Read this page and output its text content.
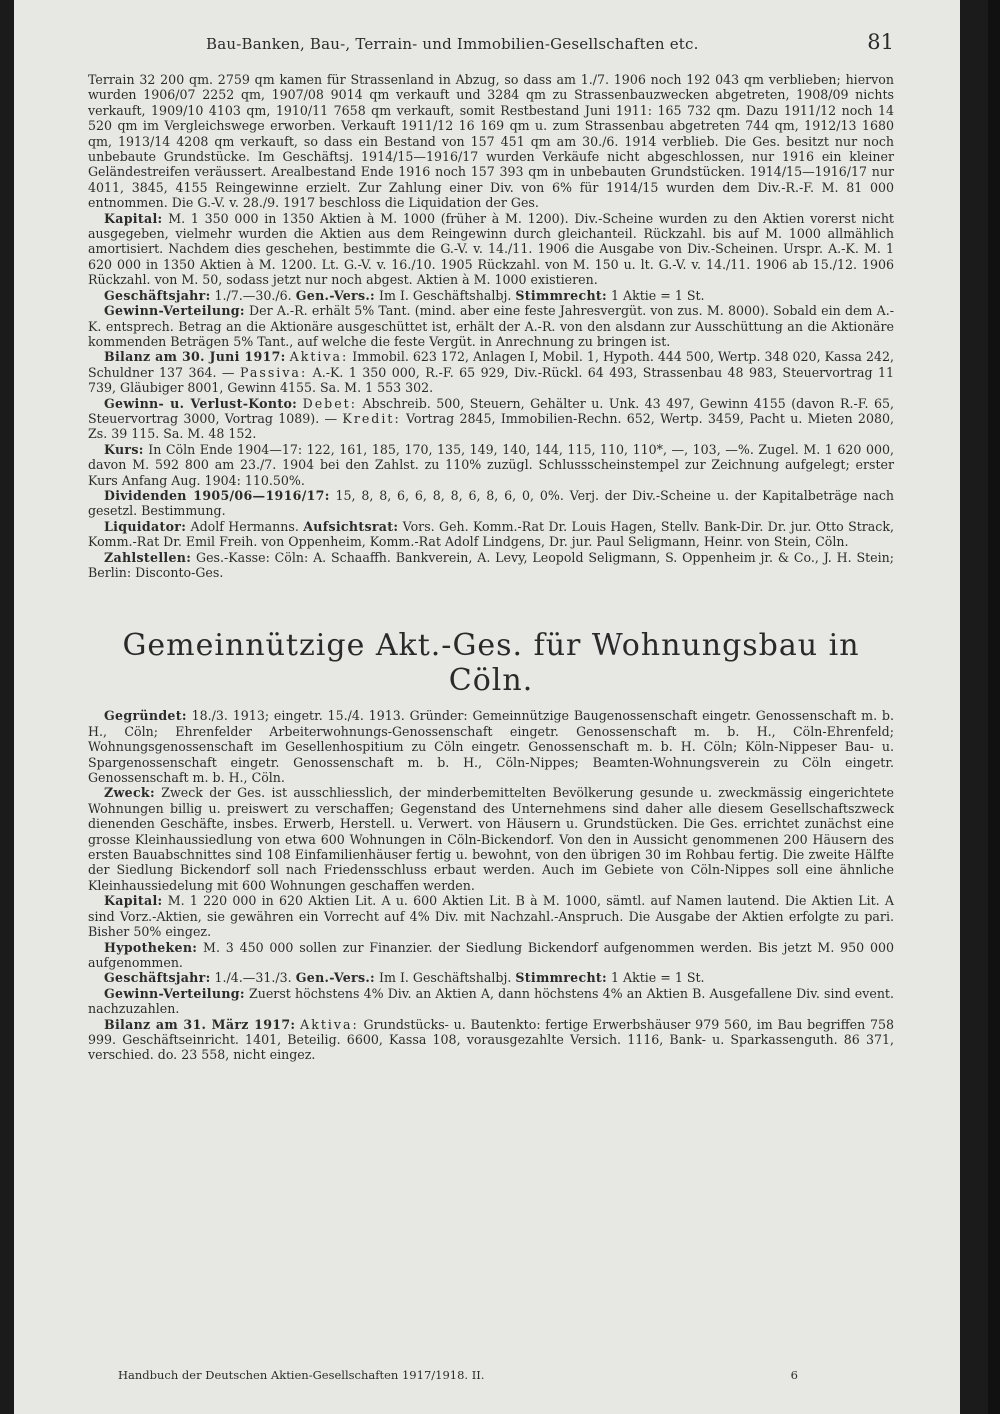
Bau-Banken, Bau-, Terrain- und Immobilien-Gesellschaften etc.	81

Terrain 32 200 qm. 2759 qm kamen für Strassenland in Abzug, so dass am 1./7. 1906 noch 192 043 qm verblieben; hiervon wurden 1906/07 2252 qm, 1907/08 9014 qm verkauft und 3284 qm zu Strassenbauzwecken abgetreten, 1908/09 nichts verkauft, 1909/10 4103 qm, 1910/11 7658 qm verkauft, somit Restbestand Juni 1911: 165 732 qm. Dazu 1911/12 noch 14 520 qm im Vergleichswege erworben. Verkauft 1911/12 16 169 qm u. zum Strassenbau abgetreten 744 qm, 1912/13 1680 qm, 1913/14 4208 qm verkauft, so dass ein Bestand von 157 451 qm am 30./6. 1914 verblieb. Die Ges. besitzt nur noch unbebaute Grundstücke. Im Geschäftsj. 1914/15—1916/17 wurden Verkäufe nicht abgeschlossen, nur 1916 ein kleiner Geländestreifen veräussert. Arealbestand Ende 1916 noch 157 393 qm in unbebauten Grundstücken. 1914/15—1916/17 nur 4011, 3845, 4155 Reingewinne erzielt. Zur Zahlung einer Div. von 6% für 1914/15 wurden dem Div.-R.-F. M. 81 000 entnommen. Die G.-V. v. 28./9. 1917 beschloss die Liquidation der Ges.

Kapital: M. 1 350 000 in 1350 Aktien à M. 1000 (früher à M. 1200). Div.-Scheine wurden zu den Aktien vorerst nicht ausgegeben, vielmehr wurden die Aktien aus dem Reingewinn durch gleichanteil. Rückzahl. bis auf M. 1000 allmählich amortisiert. Nachdem dies geschehen, bestimmte die G.-V. v. 14./11. 1906 die Ausgabe von Div.-Scheinen. Urspr. A.-K. M. 1 620 000 in 1350 Aktien à M. 1200. Lt. G.-V. v. 16./10. 1905 Rückzahl. von M. 150 u. lt. G.-V. v. 14./11. 1906 ab 15./12. 1906 Rückzahl. von M. 50, sodass jetzt nur noch abgest. Aktien à M. 1000 existieren.

Geschäftsjahr: 1./7.—30./6. Gen.-Vers.: Im I. Geschäftshalbj. Stimmrecht: 1 Aktie = 1 St.

Gewinn-Verteilung: Der A.-R. erhält 5% Tant. (mind. aber eine feste Jahresvergüt. von zus. M. 8000). Sobald ein dem A.-K. entsprech. Betrag an die Aktionäre ausgeschüttet ist, erhält der A.-R. von den alsdann zur Ausschüttung an die Aktionäre kommenden Beträgen 5% Tant., auf welche die feste Vergüt. in Anrechnung zu bringen ist.

Bilanz am 30. Juni 1917: Aktiva: Immobil. 623 172, Anlagen I, Mobil. 1, Hypoth. 444 500, Wertp. 348 020, Kassa 242, Schuldner 137 364. — Passiva: A.-K. 1 350 000, R.-F. 65 929, Div.-Rückl. 64 493, Strassenbau 48 983, Steuervortrag 11 739, Gläubiger 8001, Gewinn 4155. Sa. M. 1 553 302.

Gewinn- u. Verlust-Konto: Debet: Abschreib. 500, Steuern, Gehälter u. Unk. 43 497, Gewinn 4155 (davon R.-F. 65, Steuervortrag 3000, Vortrag 1089). — Kredit: Vortrag 2845, Immobilien-Rechn. 652, Wertp. 3459, Pacht u. Mieten 2080, Zs. 39 115. Sa. M. 48 152.

Kurs: In Cöln Ende 1904—17: 122, 161, 185, 170, 135, 149, 140, 144, 115, 110, 110*, —, 103, —%. Zugel. M. 1 620 000, davon M. 592 800 am 23./7. 1904 bei den Zahlst. zu 110% zuzügl. Schlussscheinstempel zur Zeichnung aufgelegt; erster Kurs Anfang Aug. 1904: 110.50%.

Dividenden 1905/06—1916/17: 15, 8, 8, 6, 6, 8, 8, 6, 8, 6, 0, 0%. Verj. der Div.-Scheine u. der Kapitalbeträge nach gesetzl. Bestimmung.

Liquidator: Adolf Hermanns. Aufsichtsrat: Vors. Geh. Komm.-Rat Dr. Louis Hagen, Stellv. Bank-Dir. Dr. jur. Otto Strack, Komm.-Rat Dr. Emil Freih. von Oppenheim, Komm.-Rat Adolf Lindgens, Dr. jur. Paul Seligmann, Heinr. von Stein, Cöln.

Zahlstellen: Ges.-Kasse: Cöln: A. Schaaffh. Bankverein, A. Levy, Leopold Seligmann, S. Oppenheim jr. & Co., J. H. Stein; Berlin: Disconto-Ges.

Gemeinnützige Akt.-Ges. für Wohnungsbau in Cöln.

Gegründet: 18./3. 1913; eingetr. 15./4. 1913. Gründer: Gemeinnützige Baugenossenschaft eingetr. Genossenschaft m. b. H., Cöln; Ehrenfelder Arbeiterwohnungs-Genossenschaft eingetr. Genossenschaft m. b. H., Cöln-Ehrenfeld; Wohnungsgenossenschaft im Gesellenhospitium zu Cöln eingetr. Genossenschaft m. b. H. Cöln; Köln-Nippeser Bau- u. Spargenossenschaft eingetr. Genossenschaft m. b. H., Cöln-Nippes; Beamten-Wohnungsverein zu Cöln eingetr. Genossenschaft m. b. H., Cöln.

Zweck: Zweck der Ges. ist ausschliesslich, der minderbemittelten Bevölkerung gesunde u. zweckmässig eingerichtete Wohnungen billig u. preiswert zu verschaffen; Gegenstand des Unternehmens sind daher alle diesem Gesellschaftszweck dienenden Geschäfte, insbes. Erwerb, Herstell. u. Verwert. von Häusern u. Grundstücken. Die Ges. errichtet zunächst eine grosse Kleinhaussiedlung von etwa 600 Wohnungen in Cöln-Bickendorf. Von den in Aussicht genommenen 200 Häusern des ersten Bauabschnittes sind 108 Einfamilienhäuser fertig u. bewohnt, von den übrigen 30 im Rohbau fertig. Die zweite Hälfte der Siedlung Bickendorf soll nach Friedensschluss erbaut werden. Auch im Gebiete von Cöln-Nippes soll eine ähnliche Kleinhaussiedelung mit 600 Wohnungen geschaffen werden.

Kapital: M. 1 220 000 in 620 Aktien Lit. A u. 600 Aktien Lit. B à M. 1000, sämtl. auf Namen lautend. Die Aktien Lit. A sind Vorz.-Aktien, sie gewähren ein Vorrecht auf 4% Div. mit Nachzahl.-Anspruch. Die Ausgabe der Aktien erfolgte zu pari. Bisher 50% eingez.

Hypotheken: M. 3 450 000 sollen zur Finanzier. der Siedlung Bickendorf aufgenommen werden. Bis jetzt M. 950 000 aufgenommen.

Geschäftsjahr: 1./4.—31./3. Gen.-Vers.: Im I. Geschäftshalbj. Stimmrecht: 1 Aktie = 1 St.

Gewinn-Verteilung: Zuerst höchstens 4% Div. an Aktien A, dann höchstens 4% an Aktien B. Ausgefallene Div. sind event. nachzuzahlen.

Bilanz am 31. März 1917: Aktiva: Grundstücks- u. Bautenkto: fertige Erwerbshäuser 979 560, im Bau begriffen 758 999. Geschäftseinricht. 1401, Beteilig. 6600, Kassa 108, vorausgezahlte Versich. 1116, Bank- u. Sparkassenguth. 86 371, verschied. do. 23 558, nicht eingez.

Handbuch der Deutschen Aktien-Gesellschaften 1917/1918. II.	6
